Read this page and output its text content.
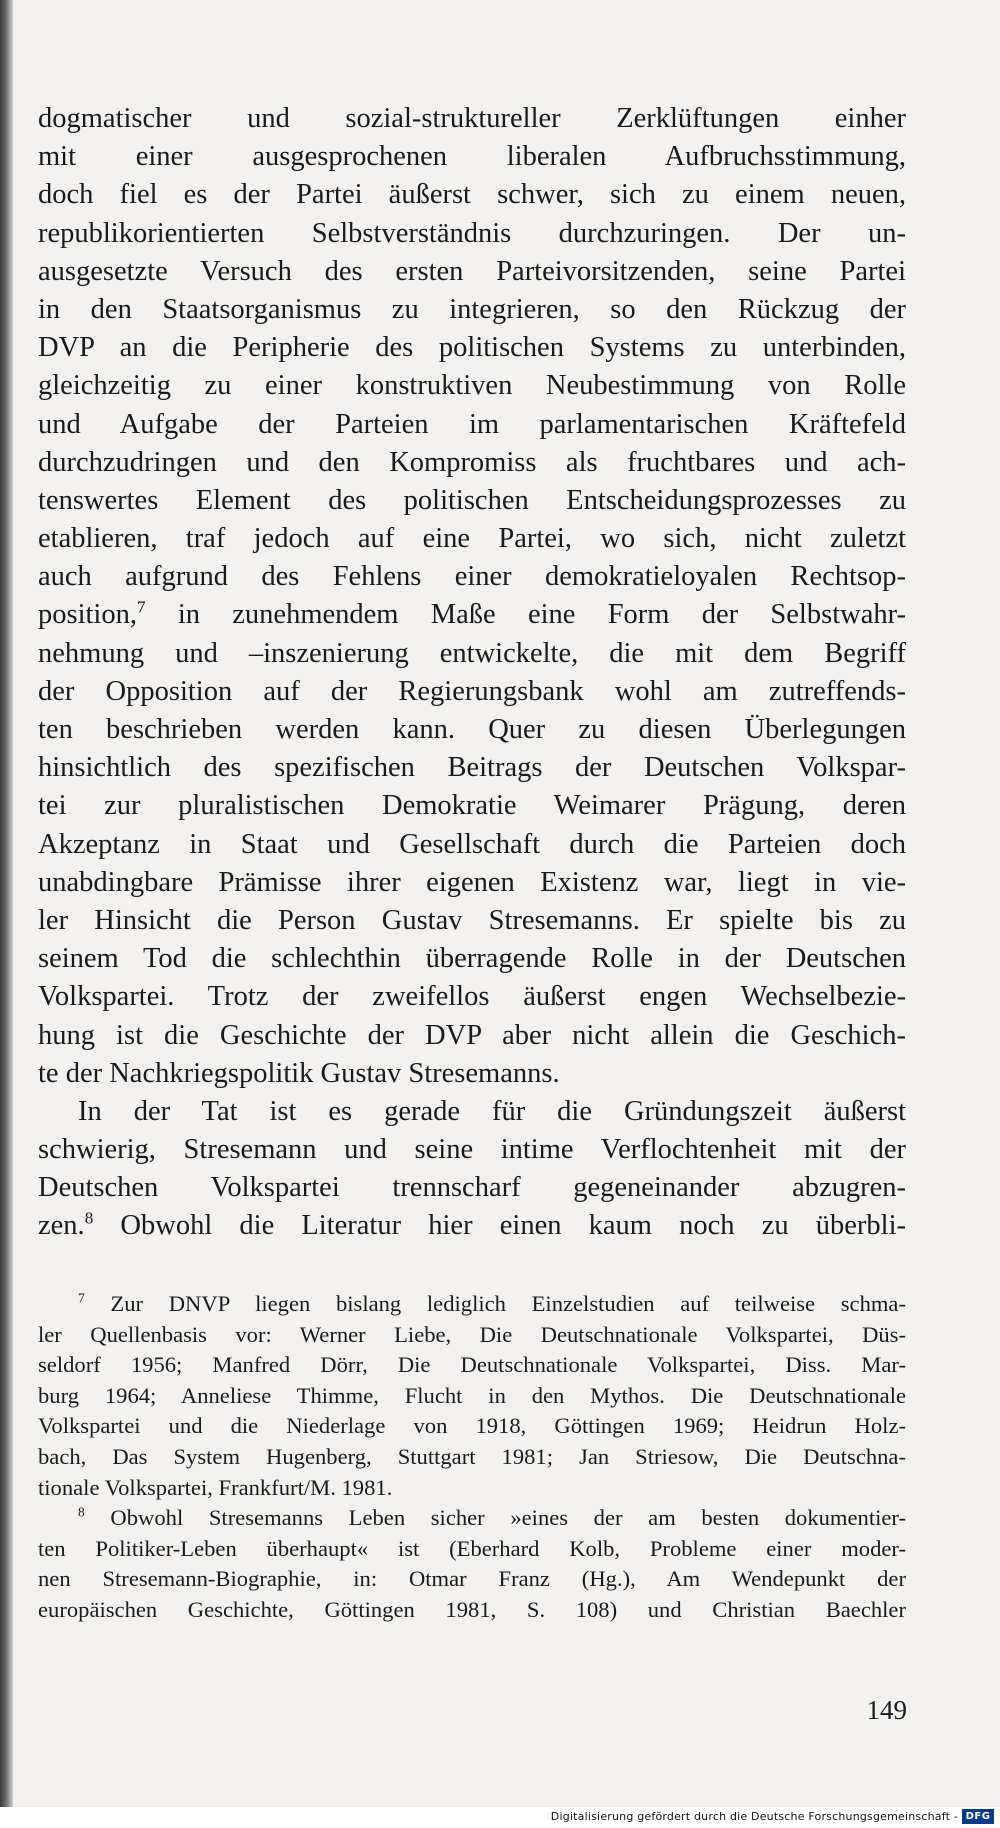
dogmatischer und sozial-struktureller Zerklüftungen einher
mit einer ausgesprochenen liberalen Aufbruchsstimmung,
doch fiel es der Partei äußerst schwer, sich zu einem neuen,
republikorientierten Selbstverständnis durchzuringen. Der un-
ausgesetzte Versuch des ersten Parteivorsitzenden, seine Partei
in den Staatsorganismus zu integrieren, so den Rückzug der
DVP an die Peripherie des politischen Systems zu unterbinden,
gleichzeitig zu einer konstruktiven Neubestimmung von Rolle
und Aufgabe der Parteien im parlamentarischen Kräftefeld
durchzudringen und den Kompromiss als fruchtbares und ach-
tenswertes Element des politischen Entscheidungsprozesses zu
etablieren, traf jedoch auf eine Partei, wo sich, nicht zuletzt
auch aufgrund des Fehlens einer demokratieloyalen Rechtsop-
position,$^7$ in zunehmendem Maße eine Form der Selbstwahr-
nehmung und –inszenierung entwickelte, die mit dem Begriff
der Opposition auf der Regierungsbank wohl am zutreffends-
ten beschrieben werden kann. Quer zu diesen Überlegungen
hinsichtlich des spezifischen Beitrags der Deutschen Volkspar-
tei zur pluralistischen Demokratie Weimarer Prägung, deren
Akzeptanz in Staat und Gesellschaft durch die Parteien doch
unabdingbare Prämisse ihrer eigenen Existenz war, liegt in vie-
ler Hinsicht die Person Gustav Stresemanns. Er spielte bis zu
seinem Tod die schlechthin überragende Rolle in der Deutschen
Volkspartei. Trotz der zweifellos äußerst engen Wechselbezie-
hung ist die Geschichte der DVP aber nicht allein die Geschich-
te der Nachkriegspolitik Gustav Stresemanns.
In der Tat ist es gerade für die Gründungszeit äußerst
schwierig, Stresemann und seine intime Verflochtenheit mit der
Deutschen Volkspartei trennscharf gegeneinander abzugren-
zen.$^8$ Obwohl die Literatur hier einen kaum noch zu überbli-
$^7$ Zur DNVP liegen bislang lediglich Einzelstudien auf teilweise schma-
ler Quellenbasis vor: Werner Liebe, Die Deutschnationale Volkspartei, Düs-
seldorf 1956; Manfred Dörr, Die Deutschnationale Volkspartei, Diss. Mar-
burg 1964; Anneliese Thimme, Flucht in den Mythos. Die Deutschnationale
Volkspartei und die Niederlage von 1918, Göttingen 1969; Heidrun Holz-
bach, Das System Hugenberg, Stuttgart 1981; Jan Striesow, Die Deutschna-
tionale Volkspartei, Frankfurt/M. 1981.
$^8$ Obwohl Stresemanns Leben sicher »eines der am besten dokumentier-
ten Politiker-Leben überhaupt« ist (Eberhard Kolb, Probleme einer moder-
nen Stresemann-Biographie, in: Otmar Franz (Hg.), Am Wendepunkt der
europäischen Geschichte, Göttingen 1981, S. 108) und Christian Baechler
149
Digitalisierung gefördert durch die Deutsche Forschungsgemeinschaft - DFG
